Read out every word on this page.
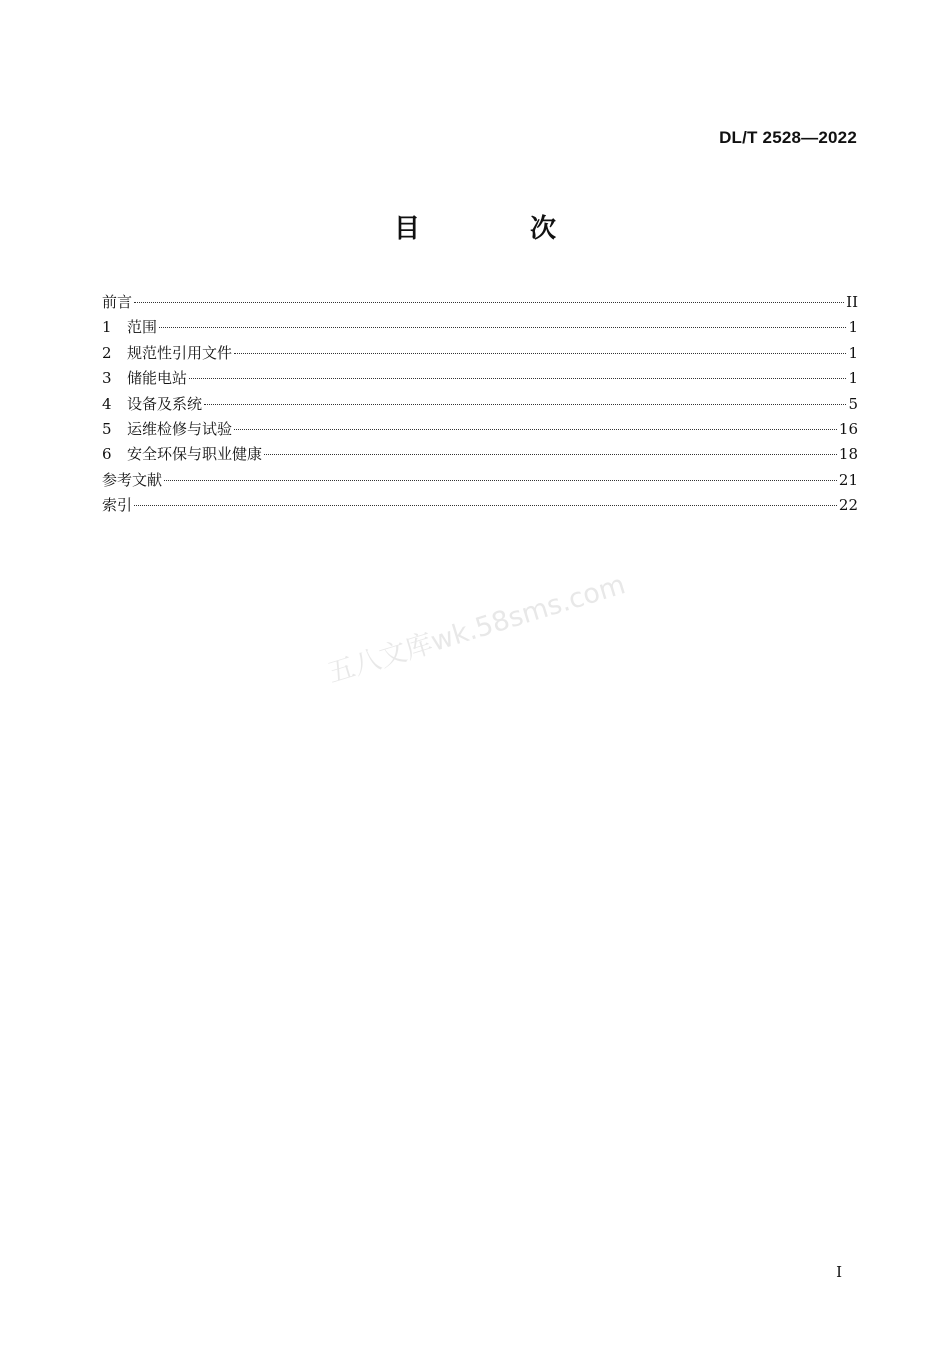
DL/T 2528—2022
目　次
前言	II
1	范围	1
2	规范性引用文件	1
3	储能电站	1
4	设备及系统	5
5	运维检修与试验	16
6	安全环保与职业健康	18
参考文献	21
索引	22
五八文库wk.58sms.com
I
